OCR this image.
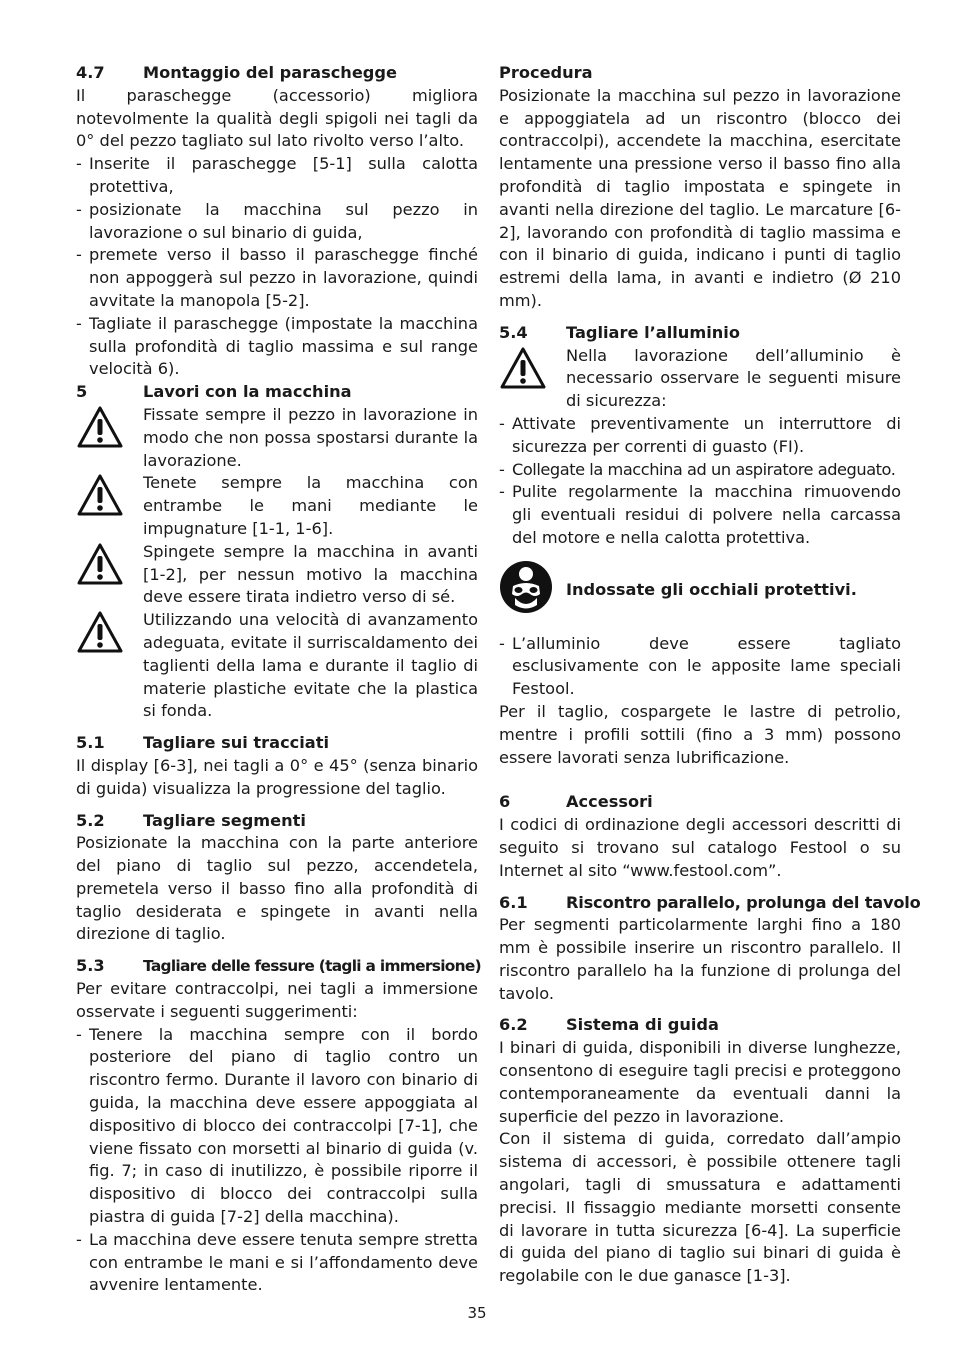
4.7	Montaggio del paraschegge

Il paraschegge (accessorio) migliora notevolmente la qualità degli spigoli nei tagli da 0° del pezzo tagliato sul lato rivolto verso l’alto.

- Inserite il paraschegge [5-1] sulla calotta protettiva,
- posizionate la macchina sul pezzo in lavorazione o sul binario di guida,
- premete verso il basso il paraschegge finché non appoggerà sul pezzo in lavorazione, quindi avvitate la manopola [5-2].
- Tagliate il paraschegge (impostate la macchina sulla profondità di taglio massima e sul range velocità 6).
5	Lavori con la macchina
Fissate sempre il pezzo in lavorazione in modo che non possa spostarsi durante la lavorazione.
Tenete sempre la macchina con entrambe le mani mediante le impugnature [1-1, 1-6].
Spingete sempre la macchina in avanti [1-2], per nessun motivo la macchina deve essere tirata indietro verso di sé.
Utilizzando una velocità di avanzamento adeguata, evitate il surriscaldamento dei taglienti della lama e durante il taglio di materie plastiche evitate che la plastica si fonda.
5.1	Tagliare sui tracciati

Il display [6-3], nei tagli a 0° e 45° (senza binario di guida) visualizza la progressione del taglio.

5.2	Tagliare segmenti

Posizionate la macchina con la parte anteriore del piano di taglio sul pezzo, accendetela, premetela verso il basso fino alla profondità di taglio desiderata e spingete in avanti nella direzione di taglio.

5.3	Tagliare delle fessure (tagli a immersione)

Per evitare contraccolpi, nei tagli a immersione osservate i seguenti suggerimenti:

- Tenere la macchina sempre con il bordo posteriore del piano di taglio contro un riscontro fermo. Durante il lavoro con binario di guida, la macchina deve essere appoggiata al dispositivo di blocco dei contraccolpi [7-1], che viene fissato con morsetti al binario di guida (v. fig. 7; in caso di inutilizzo, è possibile riporre il dispositivo di blocco dei contraccolpi sulla piastra di guida [7-2] della macchina).
- La macchina deve essere tenuta sempre stretta con entrambe le mani e si l’affondamento deve avvenire lentamente.
Procedura

Posizionate la macchina sul pezzo in lavorazione e appoggiatela ad un riscontro (blocco dei contraccolpi), accendete la macchina, esercitate lentamente una pressione verso il basso fino alla profondità di taglio impostata e spingete in avanti nella direzione del taglio. Le marcature [6-2], lavorando con profondità di taglio massima e con il binario di guida, indicano i punti di taglio estremi della lama, in avanti e indietro (Ø 210 mm).

5.4	Tagliare l’alluminio
Nella lavorazione dell’alluminio è necessario osservare le seguenti misure di sicurezza:
- Attivate preventivamente un interruttore di sicurezza per correnti di guasto (FI).
- Collegate la macchina ad un aspiratore adeguato.
- Pulite regolarmente la macchina rimuovendo gli eventuali residui di polvere nella carcassa del motore e nella calotta protettiva.
Indossate gli occhiali protettivi.
- L’alluminio deve essere tagliato esclusivamente con le apposite lame speciali Festool.

Per il taglio, cospargete le lastre di petrolio, mentre i profili sottili (fino a 3 mm) possono essere lavorati senza lubrificazione.

6	Accessori

I codici di ordinazione degli accessori descritti di seguito si trovano sul catalogo Festool o su Internet al sito “www.festool.com”.

6.1	Riscontro parallelo, prolunga del tavolo

Per segmenti particolarmente larghi fino a 180 mm è possibile inserire un riscontro parallelo. Il riscontro parallelo ha la funzione di prolunga del tavolo.

6.2	Sistema di guida

I binari di guida, disponibili in diverse lunghezze, consentono di eseguire tagli precisi e proteggono contemporaneamente da eventuali danni la superficie del pezzo in lavorazione.

Con il sistema di guida, corredato dall’ampio sistema di accessori, è possibile ottenere tagli angolari, tagli di smussatura e adattamenti precisi. Il fissaggio mediante morsetti consente di lavorare in tutta sicurezza [6-4]. La superficie di guida del piano di taglio sui binari di guida è regolabile con le due ganasce [1-3].

35
